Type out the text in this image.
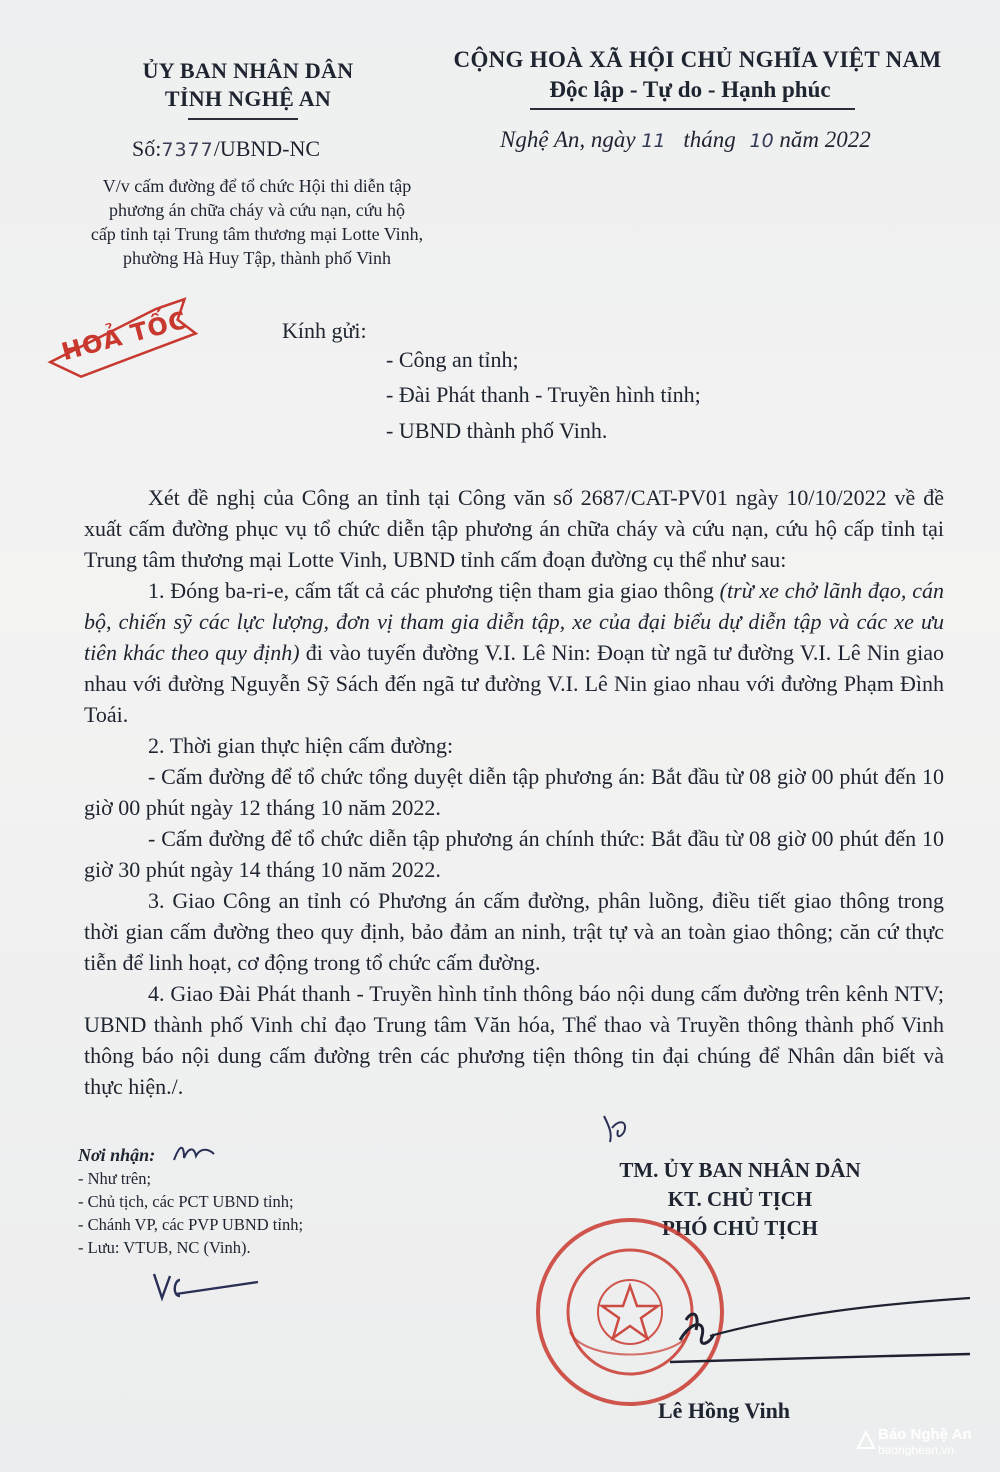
ỦY BAN NHÂN DÂN
TỈNH NGHỆ AN
CỘNG HOÀ XÃ HỘI CHỦ NGHĨA VIỆT NAM
Độc lập - Tự do - Hạnh phúc
Số:7377/UBND-NC	Nghệ An, ngày 11 tháng 10 năm 2022
V/v cấm đường để tổ chức Hội thi diễn tập
phương án chữa cháy và cứu nạn, cứu hộ
cấp tỉnh tại Trung tâm thương mại Lotte Vinh,
phường Hà Huy Tập, thành phố Vinh
HOẢ TỐC	Kính gửi:
- Công an tỉnh;
- Đài Phát thanh - Truyền hình tỉnh;
- UBND thành phố Vinh.

Xét đề nghị của Công an tỉnh tại Công văn số 2687/CAT-PV01 ngày 10/10/2022 về đề xuất cấm đường phục vụ tổ chức diễn tập phương án chữa cháy và cứu nạn, cứu hộ cấp tỉnh tại Trung tâm thương mại Lotte Vinh, UBND tỉnh cấm đoạn đường cụ thể như sau:

1. Đóng ba-ri-e, cấm tất cả các phương tiện tham gia giao thông (trừ xe chở lãnh đạo, cán bộ, chiến sỹ các lực lượng, đơn vị tham gia diễn tập, xe của đại biểu dự diễn tập và các xe ưu tiên khác theo quy định) đi vào tuyến đường V.I. Lê Nin: Đoạn từ ngã tư đường V.I. Lê Nin giao nhau với đường Nguyễn Sỹ Sách đến ngã tư đường V.I. Lê Nin giao nhau với đường Phạm Đình Toái.

2. Thời gian thực hiện cấm đường:

- Cấm đường để tổ chức tổng duyệt diễn tập phương án: Bắt đầu từ 08 giờ 00 phút đến 10 giờ 00 phút ngày 12 tháng 10 năm 2022.

- Cấm đường để tổ chức diễn tập phương án chính thức: Bắt đầu từ 08 giờ 00 phút đến 10 giờ 30 phút ngày 14 tháng 10 năm 2022.

3. Giao Công an tỉnh có Phương án cấm đường, phân luồng, điều tiết giao thông trong thời gian cấm đường theo quy định, bảo đảm an ninh, trật tự và an toàn giao thông; căn cứ thực tiễn để linh hoạt, cơ động trong tổ chức cấm đường.

4. Giao Đài Phát thanh - Truyền hình tỉnh thông báo nội dung cấm đường trên kênh NTV; UBND thành phố Vinh chỉ đạo Trung tâm Văn hóa, Thể thao và Truyền thông thành phố Vinh thông báo nội dung cấm đường trên các phương tiện thông tin đại chúng để Nhân dân biết và thực hiện./.

Nơi nhận:
- Như trên;
- Chủ tịch, các PCT UBND tỉnh;
- Chánh VP, các PVP UBND tỉnh;
- Lưu: VTUB, NC (Vinh).
TM. ỦY BAN NHÂN DÂN
KT. CHỦ TỊCH
PHÓ CHỦ TỊCH
Lê Hồng Vinh
Báo Nghệ An
baonghean.vn
